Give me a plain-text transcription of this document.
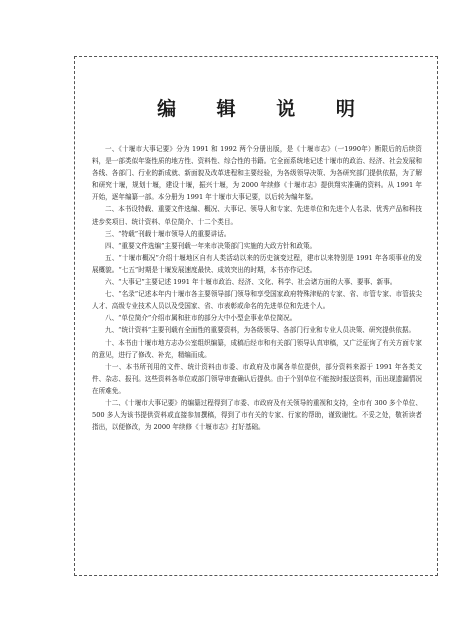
编 辑 说 明

一、《十堰市大事记要》分为 1991 和 1992 两个分册出版，是《十堰市志》（一1990年）断限后的后续资料，是一部类似年鉴性质的地方性、资料性、综合性的书籍。它全面系统地记述十堰市的政治、经济、社会发展和各线、各部门、行业的新成就、新面貌及改革进程和主要经验，为各级领导决策、为各研究部门提供依据，为了解和研究十堰，规划十堰，建设十堰，振兴十堰，为 2000 年续修《十堰市志》提供翔实准确的资料。从 1991 年开始，逐年编纂一部。本分册为 1991 年十堰市大事记要，以后转为编年鉴。

二、本书设特载、重要文件选编、概况、大事记、领导人和专家、先进单位和先进个人名录、优秀产品和科技进步奖项目、统计资料、单位简介、十二个类目。

三、“特载”刊载十堰市领导人的重要讲话。

四、“重要文件选编”主要刊载一年来市决策部门实施的大政方针和政策。

五、“十堰市概况”介绍十堰地区自有人类活动以来的历史演变过程，建市以来特别是 1991 年各项事业的发展概貌。“七五”时期是十堰发展速度最快、成效突出的时期，本书亦作记述。

六、“大事记”主要记述 1991 年十堰市政治、经济、文化、科学、社会诸方面的大事、要事、新事。

七、“名录”记述本年内十堰市各主要领导部门领导和享受国家政府特殊津贴的专家、省、市管专家、市管拔尖人才、高级专业技术人员以及受国家、省、市表彰或命名的先进单位和先进个人。

八、“单位简介”介绍市属和驻市的部分大中小型企事业单位简况。

九、“统计资料”主要刊载有全面性的重要资料，为各级领导、各部门行业和专业人员决策、研究提供依据。

十、本书由十堰市地方志办公室组织编纂，成稿后经市和有关部门领导认真审稿，又广泛征询了有关方面专家的意见，进行了修改、补充，精编而成。

十一、本书所刊用的文件、统计资料由市委、市政府及市属各单位提供，部分资料来源于 1991 年各类文件、杂志、报刊。这些资料各单位或部门领导审查确认后提供。由于个别单位不能按时报送资料，而出现遗漏情况在所难免。

十二、《十堰市大事记要》的编纂过程得到了市委、市政府及有关领导的重视和支持，全市有 300 多个单位、500 多人为该书提供资料或直接参加撰稿，得到了市有关的专家、行家的帮助，谨致谢忱。不妥之处，敬祈读者指出，以便修改，为 2000 年续修《十堰市志》打好基础。
